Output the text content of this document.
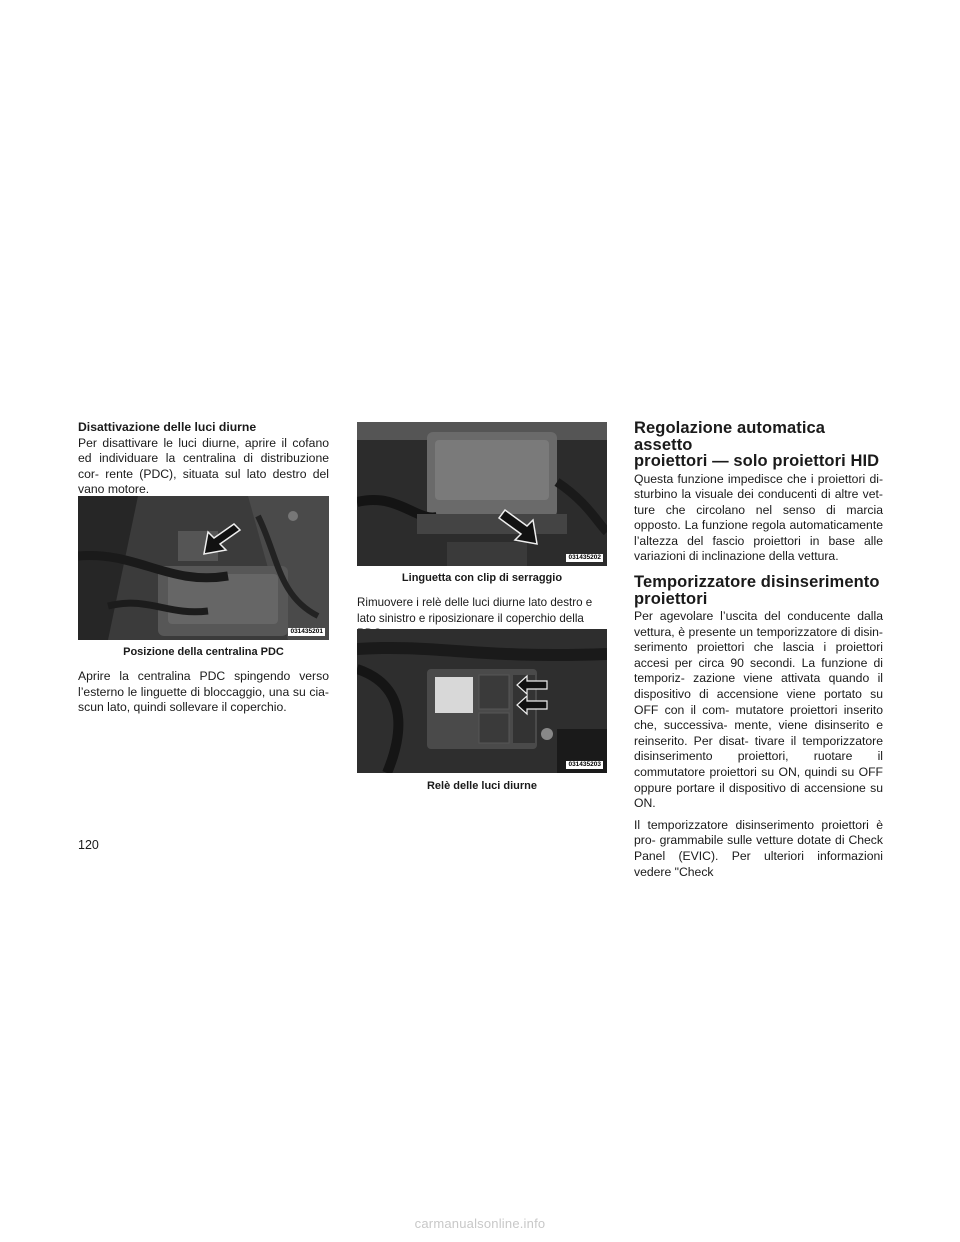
Disattivazione delle luci diurne

Per disattivare le luci diurne, aprire il cofano ed individuare la centralina di distribuzione cor- rente (PDC), situata sul lato destro del vano motore.

031435201

Posizione della centralina PDC

Aprire la centralina PDC spingendo verso l’esterno le linguette di bloccaggio, una su cia- scun lato, quindi sollevare il coperchio.

031435202

Linguetta con clip di serraggio

Rimuovere i relè delle luci diurne lato destro e lato sinistro e riposizionare il coperchio della

031435203

Relè delle luci diurne

Regolazione automatica assetto
proiettori — solo proiettori HID

Questa funzione impedisce che i proiettori di- sturbino la visuale dei conducenti di altre vet- ture che circolano nel senso di marcia opposto. La funzione regola automaticamente l’altezza del fascio proiettori in base alle variazioni di inclinazione della vettura.

Temporizzatore disinserimento
proiettori

Per agevolare l’uscita del conducente dalla vettura, è presente un temporizzatore di disin- serimento proiettori che lascia i proiettori accesi per circa 90 secondi. La funzione di temporiz- zazione viene attivata quando il dispositivo di accensione viene portato su OFF con il com- mutatore proiettori inserito che, successiva- mente, viene disinserito e reinserito. Per disat- tivare il temporizzatore disinserimento proiettori, ruotare il commutatore proiettori su ON, quindi su OFF oppure portare il dispositivo di accensione su ON.

Il temporizzatore disinserimento proiettori è pro- grammabile sulle vetture dotate di Check Panel (EVIC). Per ulteriori informazioni vedere "Check

120
carmanualsonline.info
